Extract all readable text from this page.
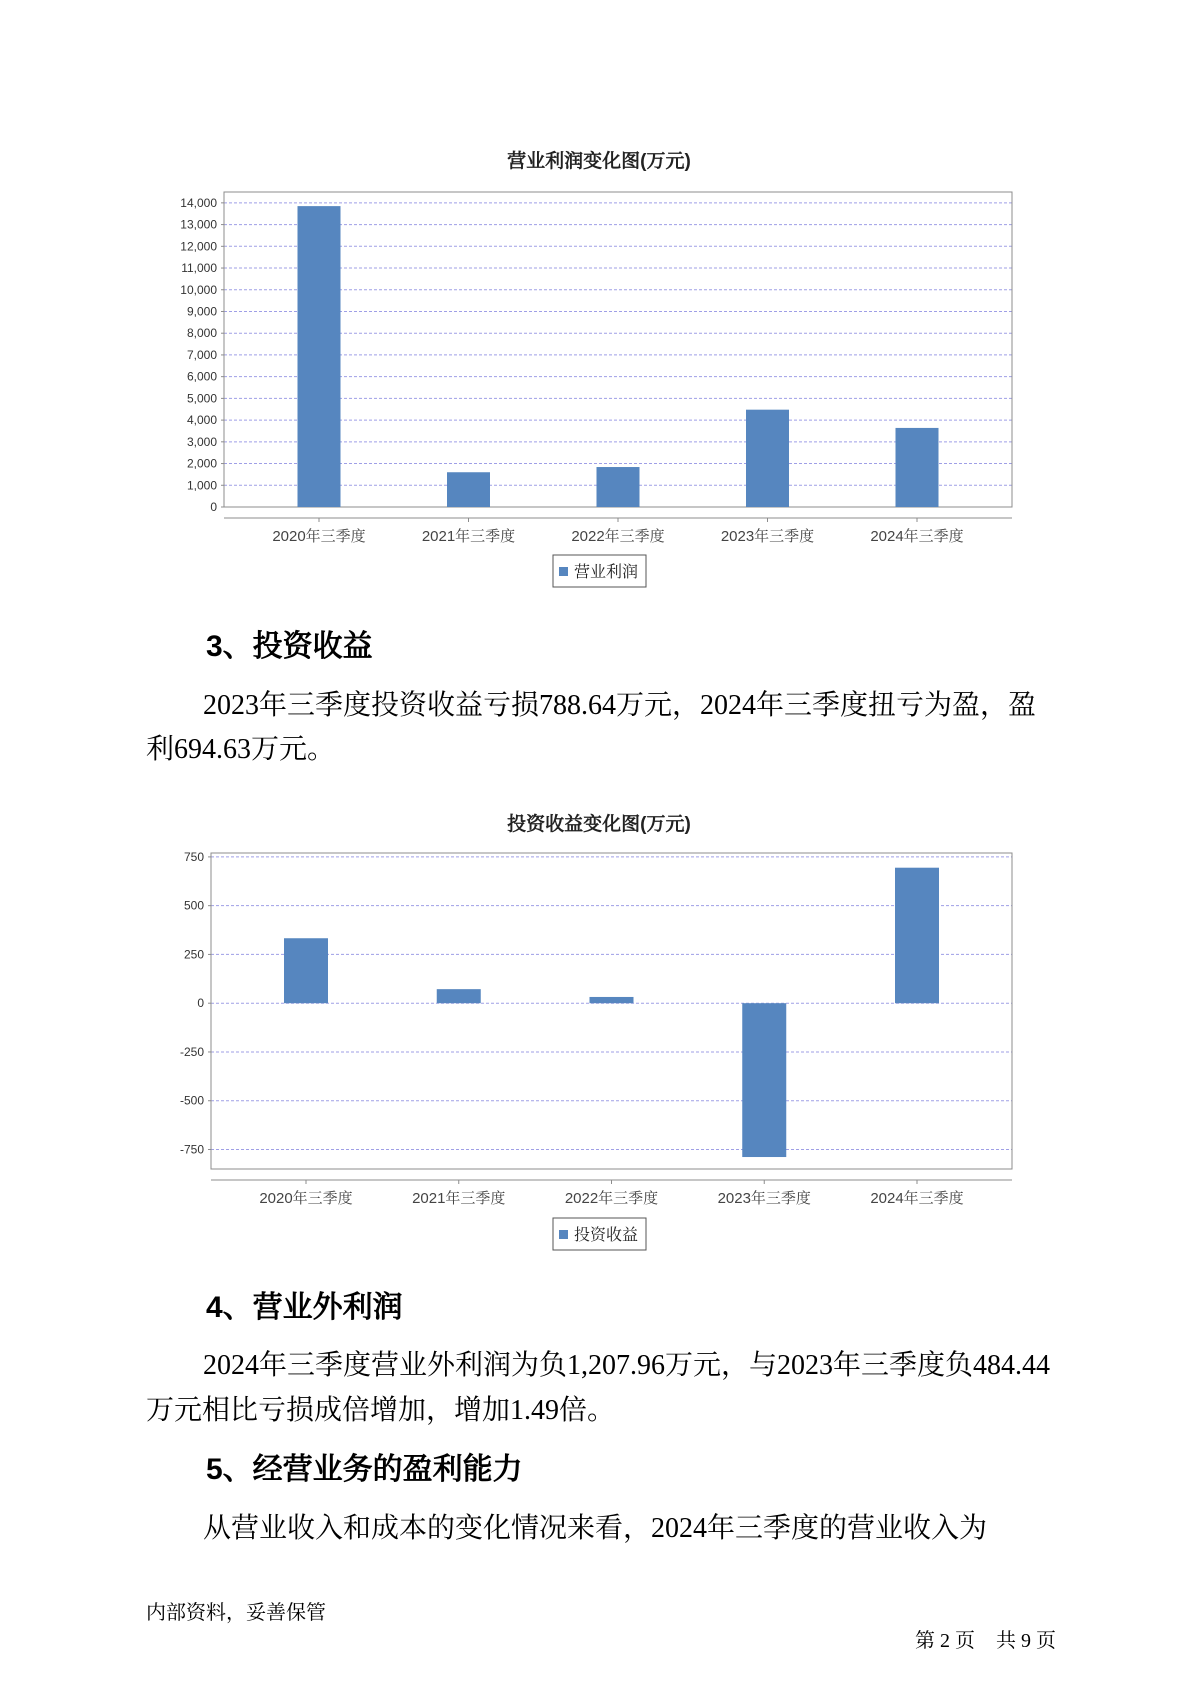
营业利润变化图(万元)
0
1,000
2,000
3,000
4,000
5,000
6,000
7,000
8,000
9,000
10,000
11,000
12,000
13,000
14,000
2020年三季度	2021年三季度	2022年三季度	2023年三季度	2024年三季度
营业利润
3、投资收益
2023年三季度投资收益亏损788.64万元，2024年三季度扭亏为盈，盈
利694.63万元。
投资收益变化图(万元)
-750
-500
-250
0
250
500
750
2020年三季度	2021年三季度	2022年三季度	2023年三季度	2024年三季度
投资收益
4、营业外利润
2024年三季度营业外利润为负1,207.96万元，与2023年三季度负484.44
万元相比亏损成倍增加，增加1.49倍。
5、经营业务的盈利能力
从营业收入和成本的变化情况来看，2024年三季度的营业收入为
内部资料，妥善保管

第 2 页 共 9 页
